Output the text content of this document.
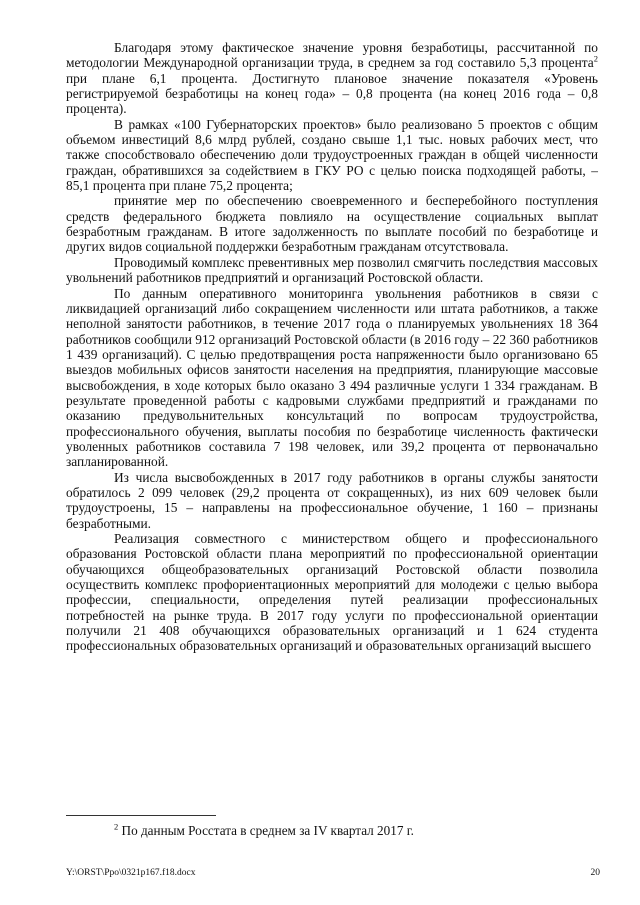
Благодаря этому фактическое значение уровня безработицы, рассчитанной по методологии Международной организации труда, в среднем за год составило 5,3 процента$^2$ при плане 6,1 процента. Достигнуто плановое значение показателя «Уровень регистрируемой безработицы на конец года» – 0,8 процента (на конец 2016 года – 0,8 процента).

В рамках «100 Губернаторских проектов» было реализовано 5 проектов с общим объемом инвестиций 8,6 млрд рублей, создано свыше 1,1 тыс. новых рабочих мест, что также способствовало обеспечению доли трудоустроенных граждан в общей численности граждан, обратившихся за содействием в ГКУ РО с целью поиска подходящей работы, – 85,1 процента при плане 75,2 процента;

принятие мер по обеспечению своевременного и бесперебойного поступления средств федерального бюджета повлияло на осуществление социальных выплат безработным гражданам. В итоге задолженность по выплате пособий по безработице и других видов социальной поддержки безработным гражданам отсутствовала.

Проводимый комплекс превентивных мер позволил смягчить последствия массовых увольнений работников предприятий и организаций Ростовской области.

По данным оперативного мониторинга увольнения работников в связи с ликвидацией организаций либо сокращением численности или штата работников, а также неполной занятости работников, в течение 2017 года о планируемых увольнениях 18 364 работников сообщили 912 организаций Ростовской области (в 2016 году – 22 360 работников 1 439 организаций). С целью предотвращения роста напряженности было организовано 65 выездов мобильных офисов занятости населения на предприятия, планирующие массовые высвобождения, в ходе которых было оказано 3 494 различные услуги 1 334 гражданам. В результате проведенной работы с кадровыми службами предприятий и гражданами по оказанию предувольнительных консультаций по вопросам трудоустройства, профессионального обучения, выплаты пособия по безработице численность фактически уволенных работников составила 7 198 человек, или 39,2 процента от первоначально запланированной.

Из числа высвобожденных в 2017 году работников в органы службы занятости обратилось 2 099 человек (29,2 процента от сокращенных), из них 609 человек были трудоустроены, 15 – направлены на профессиональное обучение, 1 160 – признаны безработными.

Реализация совместного с министерством общего и профессионального образования Ростовской области плана мероприятий по профессиональной ориентации обучающихся общеобразовательных организаций Ростовской области позволила осуществить комплекс профориентационных мероприятий для молодежи с целью выбора профессии, специальности, определения путей реализации профессиональных потребностей на рынке труда. В 2017 году услуги по профессиональной ориентации получили 21 408 обучающихся образовательных организаций и 1 624 студента профессиональных образовательных организаций и образовательных организаций высшего

$^2$ По данным Росстата в среднем за IV квартал 2017 г.
Y:\ORST\Ppo\0321p167.f18.docx	20
